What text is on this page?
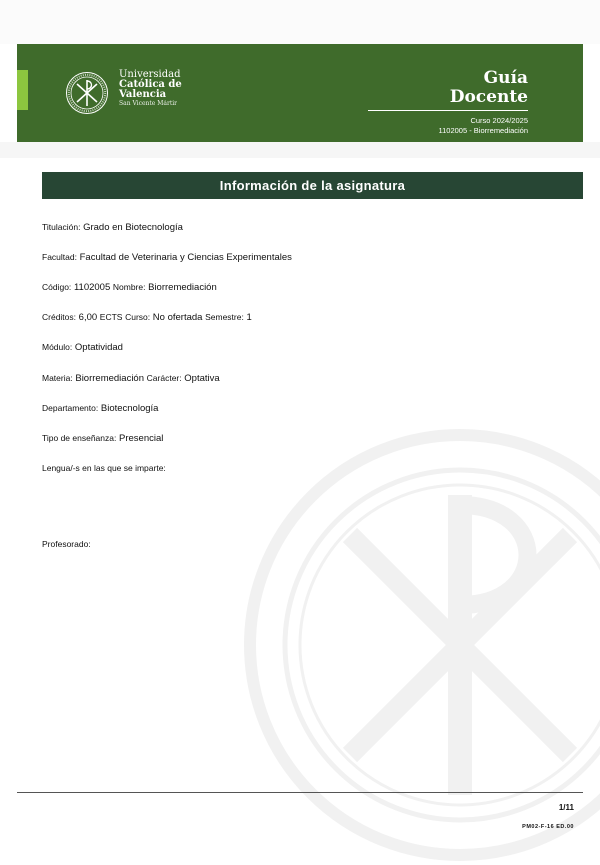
Universidad
Católica de
Valencia
San Vicente Mártir
Guía
Docente
Curso 2024/2025
1102005 - Biorremediación
Información de la asignatura
Titulación: Grado en Biotecnología
Facultad: Facultad de Veterinaria y Ciencias Experimentales
Código: 1102005 Nombre: Biorremediación
Créditos: 6,00 ECTS Curso: No ofertada Semestre: 1
Módulo: Optatividad
Materia: Biorremediación Carácter: Optativa
Departamento: Biotecnología
Tipo de enseñanza: Presencial
Lengua/-s en las que se imparte:
Profesorado:
1/11
PM02-F-16 ED.00
